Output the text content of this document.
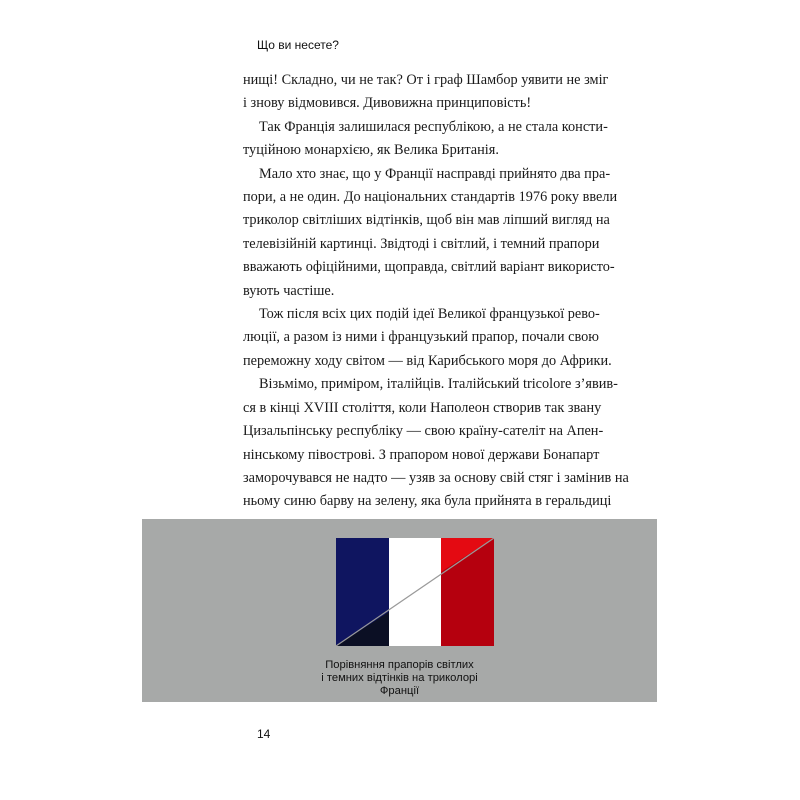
Що ви несете?
нищі! Складно, чи не так? От і граф Шамбор уявити не зміг
і знову відмовився. Дивовижна принциповість!
Так Франція залишилася республікою, а не стала консти-
туційною монархією, як Велика Британія.
Мало хто знає, що у Франції насправді прийнято два пра-
пори, а не один. До національних стандартів 1976 року ввели
триколор світліших відтінків, щоб він мав ліпший вигляд на
телевізійній картинці. Звідтоді і світлий, і темний прапори
вважають офіційними, щоправда, світлий варіант використо-
вують частіше.
Тож після всіх цих подій ідеї Великої французької рево-
люції, а разом із ними і французький прапор, почали свою
переможну ходу світом — від Карибського моря до Африки.
Візьмімо, приміром, італійців. Італійський tricolore з’явив-
ся в кінці XVIII століття, коли Наполеон створив так звану
Цизальпінську республіку — свою країну-сателіт на Апен-
нінському півострові. З прапором нової держави Бонапарт
заморочувався не надто — узяв за основу свій стяг і замінив на
ньому синю барву на зелену, яка була прийнята в геральдиці
Порівняння прапорів світлих
і темних відтінків на триколорі
Франції
14
